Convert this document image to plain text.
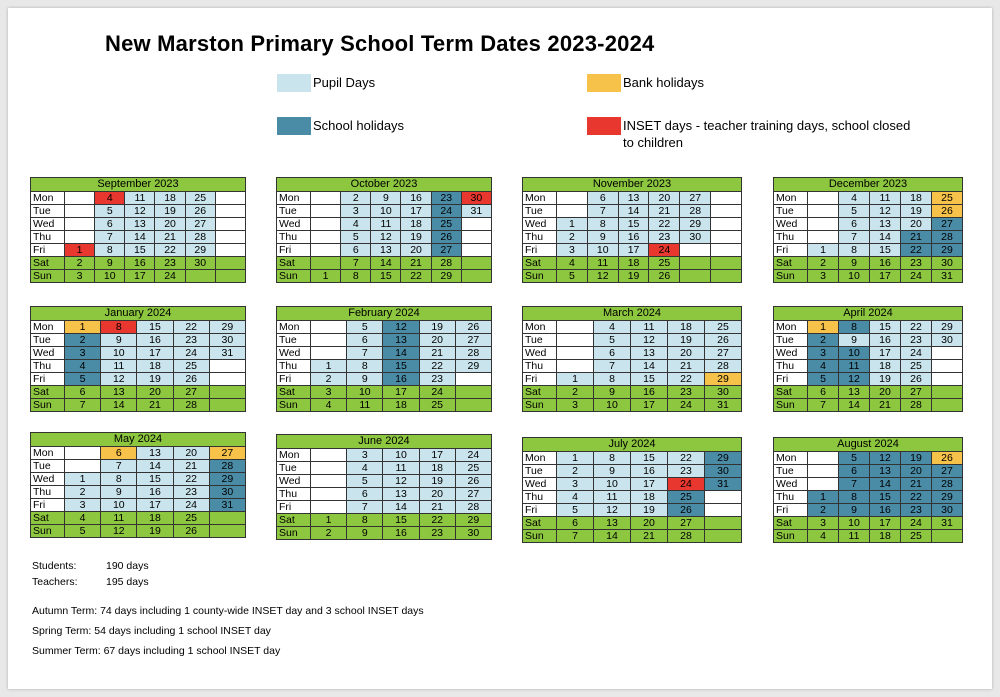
New Marston Primary School Term Dates 2023-2024
Pupil Days	Bank holidays
School holidays	INSET days - teacher training days, school closed to children
September 2023						
Mon		4	11	18	25	
Tue		5	12	19	26	
Wed		6	13	20	27	
Thu		7	14	21	28	
Fri	1	8	15	22	29	
Sat	2	9	16	23	30	
Sun	3	10	17	24		
October 2023						
Mon		2	9	16	23	30
Tue		3	10	17	24	31
Wed		4	11	18	25	
Thu		5	12	19	26	
Fri		6	13	20	27	
Sat		7	14	21	28	
Sun	1	8	15	22	29	
November 2023						
Mon		6	13	20	27	
Tue		7	14	21	28	
Wed	1	8	15	22	29	
Thu	2	9	16	23	30	
Fri	3	10	17	24		
Sat	4	11	18	25		
Sun	5	12	19	26		
December 2023					
Mon		4	11	18	25
Tue		5	12	19	26
Wed		6	13	20	27
Thu		7	14	21	28
Fri	1	8	15	22	29
Sat	2	9	16	23	30
Sun	3	10	17	24	31
January 2024					
Mon	1	8	15	22	29
Tue	2	9	16	23	30
Wed	3	10	17	24	31
Thu	4	11	18	25	
Fri	5	12	19	26	
Sat	6	13	20	27	
Sun	7	14	21	28	
February 2024					
Mon		5	12	19	26
Tue		6	13	20	27
Wed		7	14	21	28
Thu	1	8	15	22	29
Fri	2	9	16	23	
Sat	3	10	17	24	
Sun	4	11	18	25	
March 2024					
Mon		4	11	18	25
Tue		5	12	19	26
Wed		6	13	20	27
Thu		7	14	21	28
Fri	1	8	15	22	29
Sat	2	9	16	23	30
Sun	3	10	17	24	31
April 2024					
Mon	1	8	15	22	29
Tue	2	9	16	23	30
Wed	3	10	17	24	
Thu	4	11	18	25	
Fri	5	12	19	26	
Sat	6	13	20	27	
Sun	7	14	21	28	
May 2024					
Mon		6	13	20	27
Tue		7	14	21	28
Wed	1	8	15	22	29
Thu	2	9	16	23	30
Fri	3	10	17	24	31
Sat	4	11	18	25	
Sun	5	12	19	26	
June 2024					
Mon		3	10	17	24
Tue		4	11	18	25
Wed		5	12	19	26
Thu		6	13	20	27
Fri		7	14	21	28
Sat	1	8	15	22	29
Sun	2	9	16	23	30
July 2024					
Mon	1	8	15	22	29
Tue	2	9	16	23	30
Wed	3	10	17	24	31
Thu	4	11	18	25	
Fri	5	12	19	26	
Sat	6	13	20	27	
Sun	7	14	21	28	
August 2024					
Mon		5	12	19	26
Tue		6	13	20	27
Wed		7	14	21	28
Thu	1	8	15	22	29
Fri	2	9	16	23	30
Sat	3	10	17	24	31
Sun	4	11	18	25	
Students:	190 days
Teachers:	195 days
Autumn Term: 74 days including 1 county-wide INSET day and 3 school INSET days
Spring Term: 54 days including 1 school INSET day
Summer Term: 67 days including 1 school INSET day
